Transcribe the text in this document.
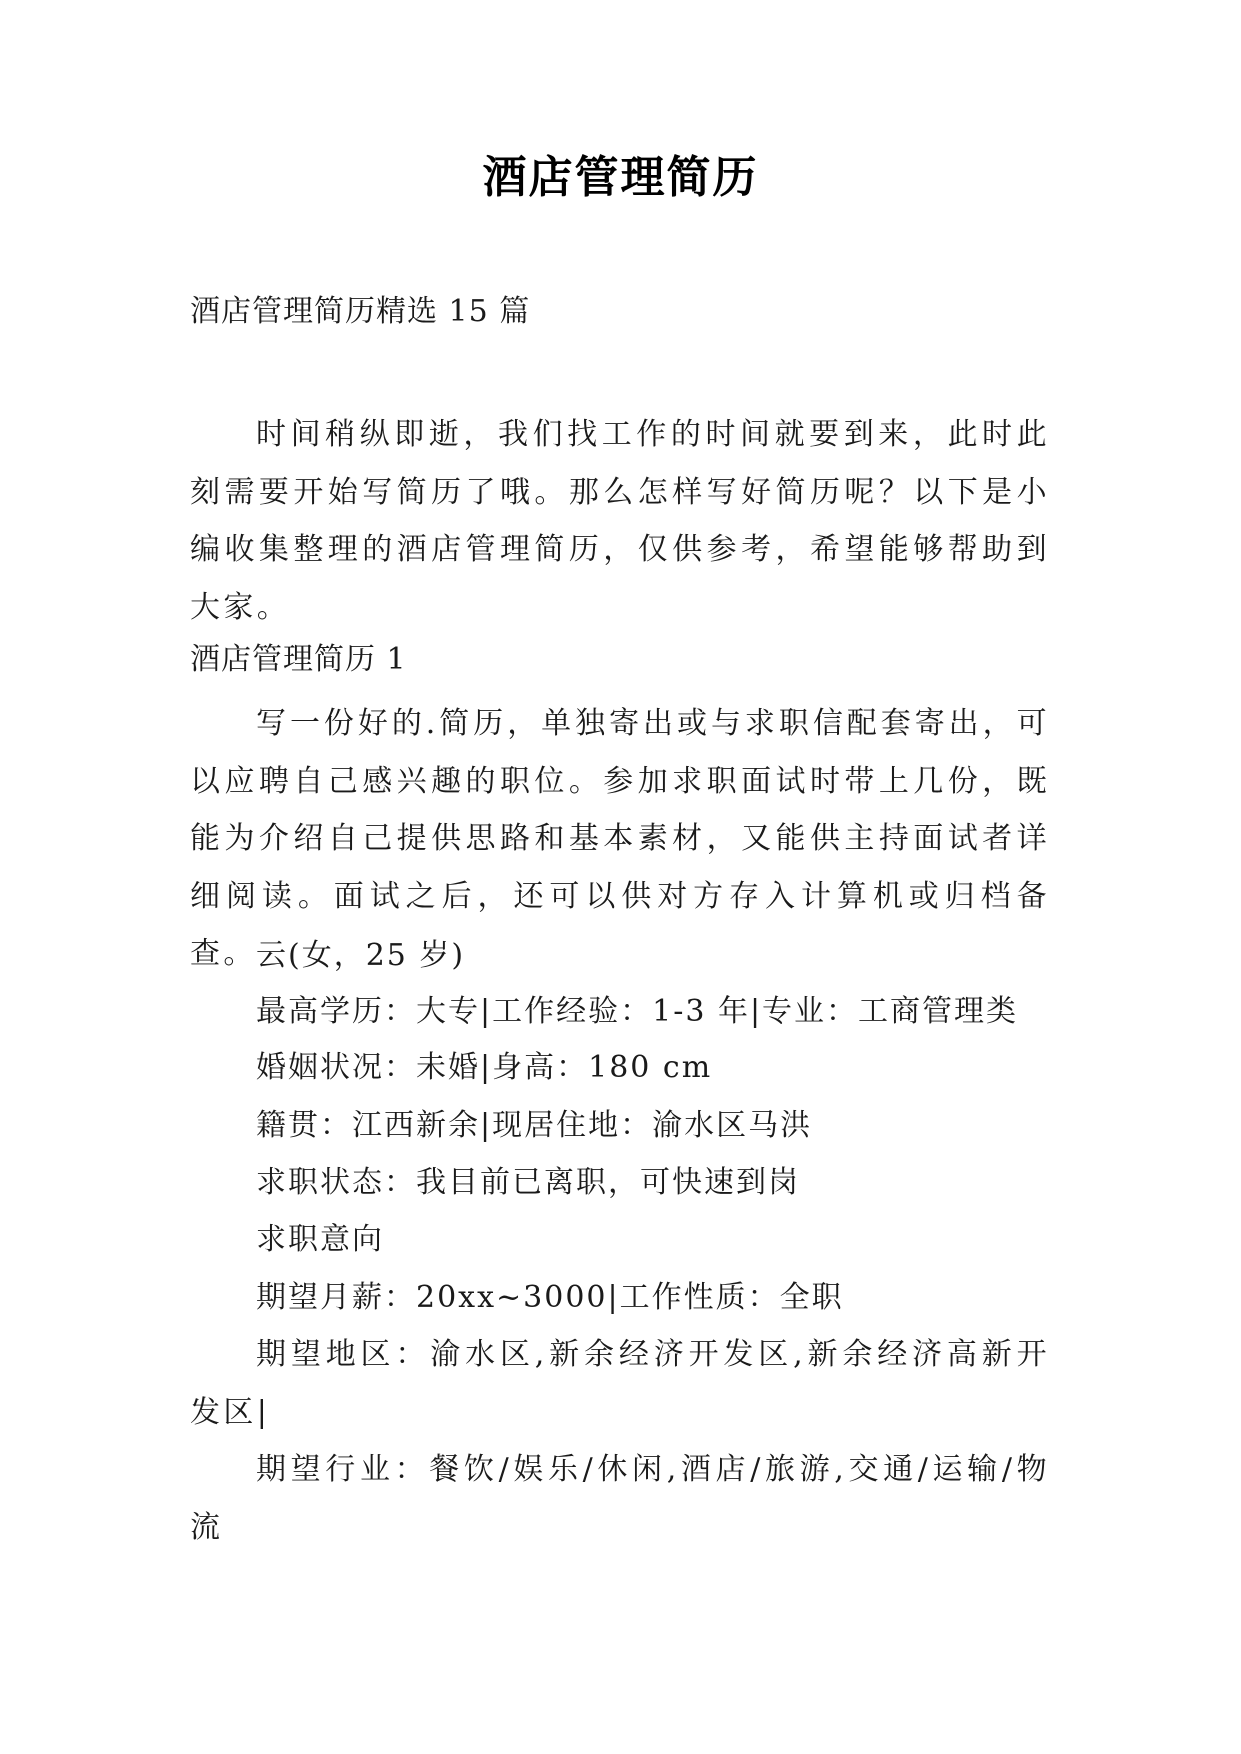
酒店管理简历
酒店管理简历精选 15 篇
时间稍纵即逝，我们找工作的时间就要到来，此时此刻需要开始写简历了哦。那么怎样写好简历呢？以下是小编收集整理的酒店管理简历，仅供参考，希望能够帮助到大家。
酒店管理简历 1
写一份好的.简历，单独寄出或与求职信配套寄出，可以应聘自己感兴趣的职位。参加求职面试时带上几份，既能为介绍自己提供思路和基本素材，又能供主持面试者详细阅读。面试之后，还可以供对方存入计算机或归档备查。 云(女，25 岁)
最高学历：大专|工作经验：1-3 年|专业：工商管理类
婚姻状况：未婚|身高：180 cm
籍贯：江西新余|现居住地：渝水区马洪
求职状态：我目前已离职，可快速到岗
求职意向
期望月薪：20xx~3000|工作性质：全职
期望地区：渝水区,新余经济开发区,新余经济高新开发区|
期望行业：餐饮/娱乐/休闲,酒店/旅游,交通/运输/物流
